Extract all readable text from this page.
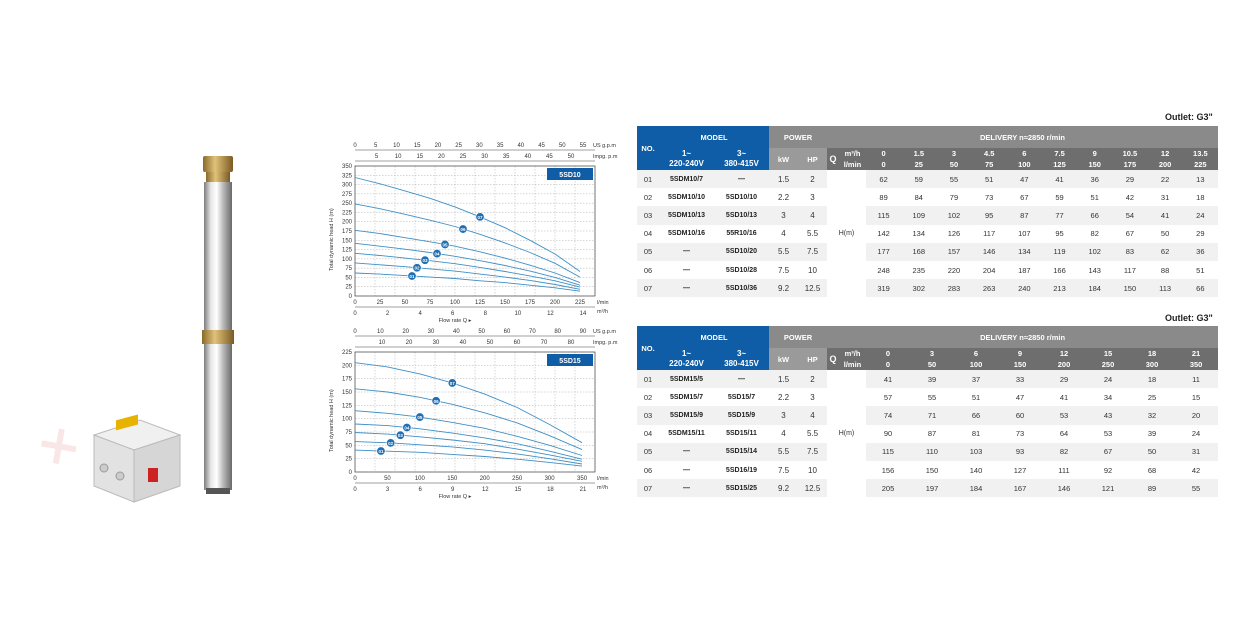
✕
0	5	10 15 20 25 30 35 40 45 50 55 US g.p.m
5	10 15 20 25 30 35 40 45 50	Impg. p.m
0
25
50
75
100
125
150
175
200
225
250
275
300
325
350
Total dynamic head H (m)
5SD10
07
06
05
04
03
02
01
0	25	50	75	100 125 150 175 200 225 l/min
0	2	4	6	8	10	12	14 m³/h
Flow rate Q ▸
0	10	20	30	40	50	60	70	80	90 US g.p.m
10	20	30	40	50	60	70	80	Impg. p.m
0
25
50
75
100
125
150
175
200
225
Total dynamic head H (m)
5SD15
07
06
05
04
03
02
01
0	50	100	150	200	250	300	350 l/min
0	3	6	9	12	15	18	21 m³/h
Flow rate Q ▸
Outlet: G3"
NO.	MODEL		POWER		DELIVERY n≈2850 r/min											
	1~
220-240V	3~
380-415V	kW	HP	Q	m³/h	0	1.5	3	4.5	6	7.5	9	10.5	12	13.5
						l/min	0	25	50	75	100	125	150	175	200	225
01	5SDM10/7	—	1.5	2	H(m)		62	59	55	51	47	41	36	29	22	13
02	5SDM10/10	5SD10/10	2.2	3			89	84	79	73	67	59	51	42	31	18
03	5SDM10/13	5SD10/13	3	4			115	109	102	95	87	77	66	54	41	24
04	5SDM10/16	55R10/16	4	5.5			142	134	126	117	107	95	82	67	50	29
05	—	5SD10/20	5.5	7.5			177	168	157	146	134	119	102	83	62	36
06	—	5SD10/28	7.5	10			248	235	220	204	187	166	143	117	88	51
07	—	5SD10/36	9.2	12.5			319	302	283	263	240	213	184	150	113	66
Outlet: G3"
NO.	MODEL		POWER		DELIVERY n≈2850 r/min									
	1~
220-240V	3~
380-415V	kW	HP	Q	m³/h	0	3	6	9	12	15	18	21
						l/min	0	50	100	150	200	250	300	350
01	5SDM15/5	—	1.5	2	H(m)		41	39	37	33	29	24	18	11
02	5SDM15/7	5SD15/7	2.2	3			57	55	51	47	41	34	25	15
03	5SDM15/9	5SD15/9	3	4			74	71	66	60	53	43	32	20
04	5SDM15/11	5SD15/11	4	5.5			90	87	81	73	64	53	39	24
05	—	5SD15/14	5.5	7.5			115	110	103	93	82	67	50	31
06	—	5SD16/19	7.5	10			156	150	140	127	111	92	68	42
07	—	5SD15/25	9.2	12.5			205	197	184	167	146	121	89	55
